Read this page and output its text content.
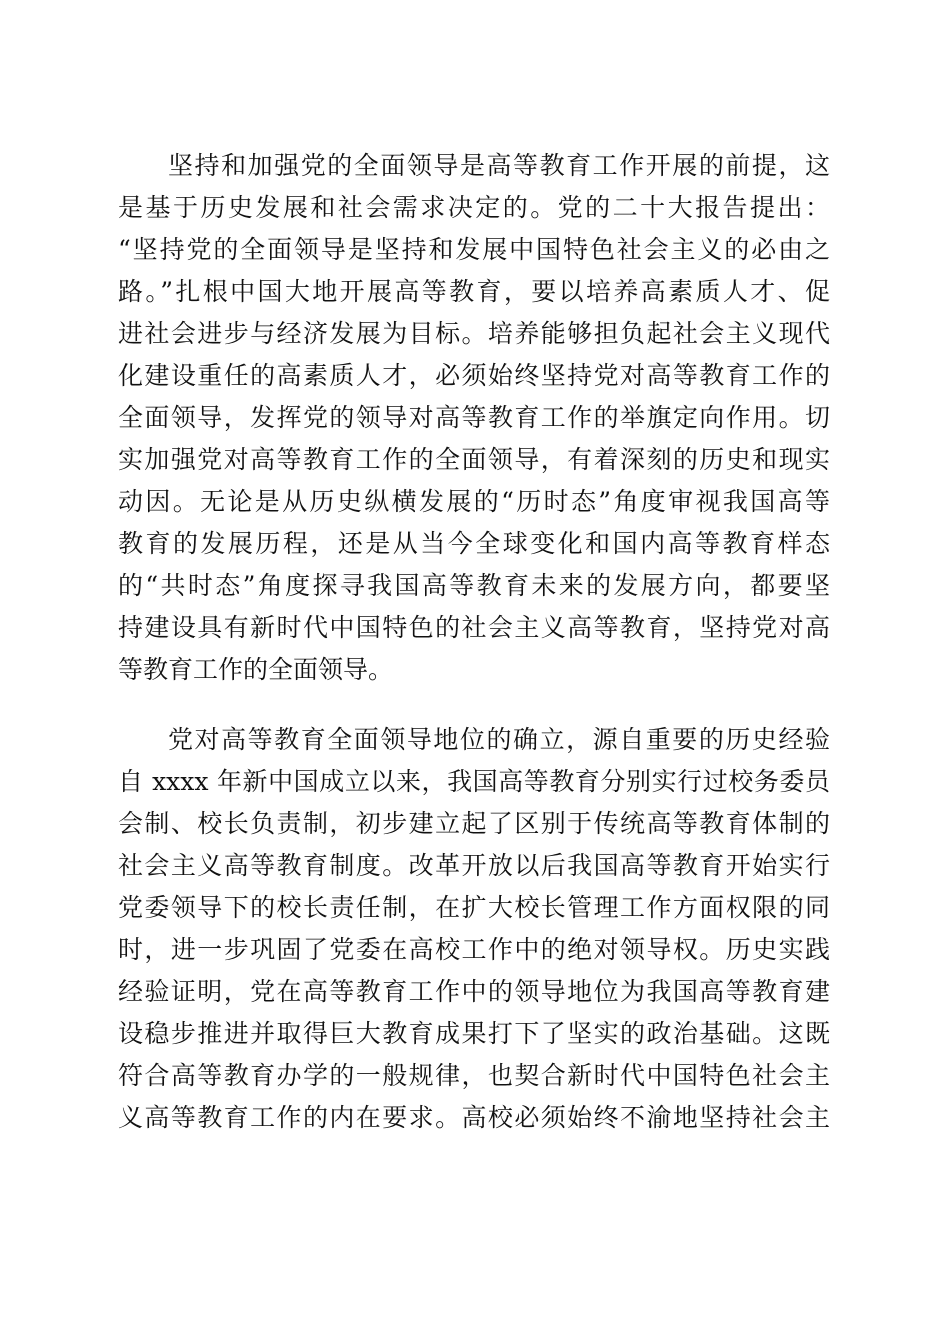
坚持和加强党的全面领导是高等教育工作开展的前提，这
是基于历史发展和社会需求决定的。党的二十大报告提出：
“坚持党的全面领导是坚持和发展中国特色社会主义的必由之
路。”扎根中国大地开展高等教育，要以培养高素质人才、促
进社会进步与经济发展为目标。培养能够担负起社会主义现代
化建设重任的高素质人才，必须始终坚持党对高等教育工作的
全面领导，发挥党的领导对高等教育工作的举旗定向作用。切
实加强党对高等教育工作的全面领导，有着深刻的历史和现实
动因。无论是从历史纵横发展的“历时态”角度审视我国高等
教育的发展历程，还是从当今全球变化和国内高等教育样态
的“共时态”角度探寻我国高等教育未来的发展方向，都要坚
持建设具有新时代中国特色的社会主义高等教育，坚持党对高
等教育工作的全面领导。
党对高等教育全面领导地位的确立，源自重要的历史经验
自 xxxx 年新中国成立以来，我国高等教育分别实行过校务委员
会制、校长负责制，初步建立起了区别于传统高等教育体制的
社会主义高等教育制度。改革开放以后我国高等教育开始实行
党委领导下的校长责任制，在扩大校长管理工作方面权限的同
时，进一步巩固了党委在高校工作中的绝对领导权。历史实践
经验证明，党在高等教育工作中的领导地位为我国高等教育建
设稳步推进并取得巨大教育成果打下了坚实的政治基础。这既
符合高等教育办学的一般规律，也契合新时代中国特色社会主
义高等教育工作的内在要求。高校必须始终不渝地坚持社会主
